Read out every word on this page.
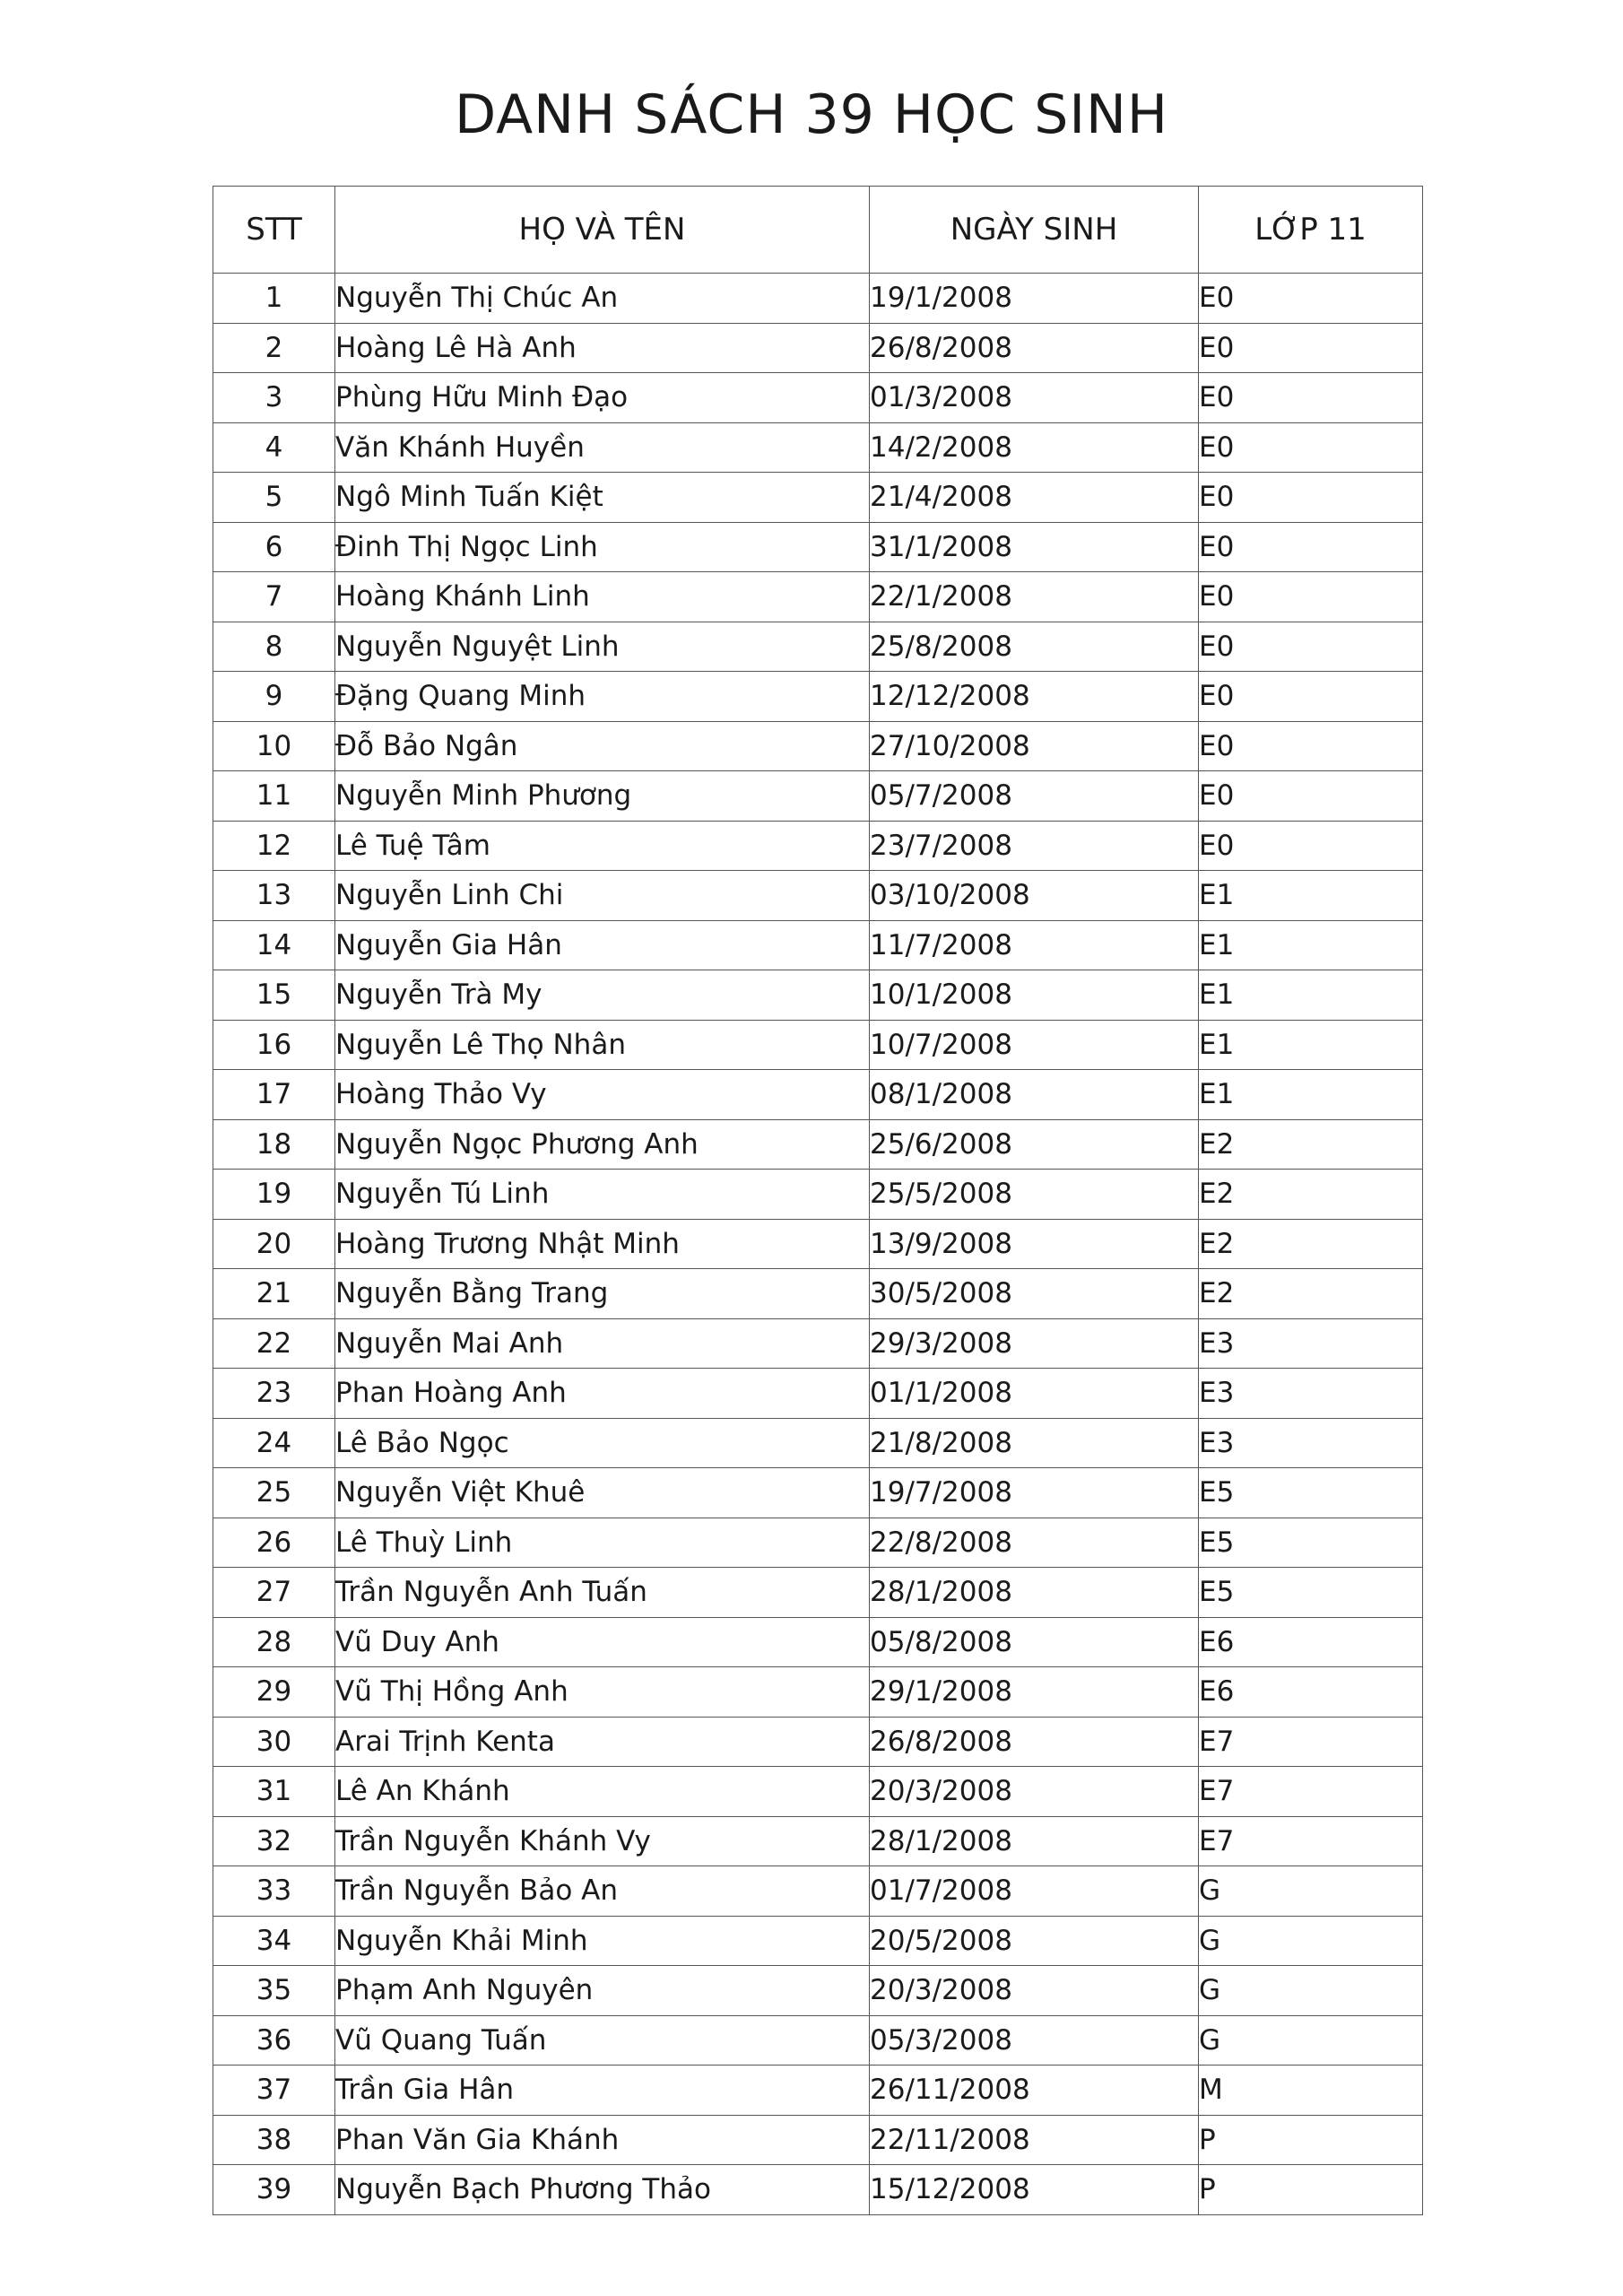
DANH SÁCH 39 HỌC SINH
STT	HỌ VÀ TÊN	NGÀY SINH	LỚP 11
1	Nguyễn Thị Chúc An	19/1/2008	E0
2	Hoàng Lê Hà Anh	26/8/2008	E0
3	Phùng Hữu Minh Đạo	01/3/2008	E0
4	Văn Khánh Huyền	14/2/2008	E0
5	Ngô Minh Tuấn Kiệt	21/4/2008	E0
6	Đinh Thị Ngọc Linh	31/1/2008	E0
7	Hoàng Khánh Linh	22/1/2008	E0
8	Nguyễn Nguyệt Linh	25/8/2008	E0
9	Đặng Quang Minh	12/12/2008	E0
10	Đỗ Bảo Ngân	27/10/2008	E0
11	Nguyễn Minh Phương	05/7/2008	E0
12	Lê Tuệ Tâm	23/7/2008	E0
13	Nguyễn Linh Chi	03/10/2008	E1
14	Nguyễn Gia Hân	11/7/2008	E1
15	Nguyễn Trà My	10/1/2008	E1
16	Nguyễn Lê Thọ Nhân	10/7/2008	E1
17	Hoàng Thảo Vy	08/1/2008	E1
18	Nguyễn Ngọc Phương Anh	25/6/2008	E2
19	Nguyễn Tú Linh	25/5/2008	E2
20	Hoàng Trương Nhật Minh	13/9/2008	E2
21	Nguyễn Bằng Trang	30/5/2008	E2
22	Nguyễn Mai Anh	29/3/2008	E3
23	Phan Hoàng Anh	01/1/2008	E3
24	Lê Bảo Ngọc	21/8/2008	E3
25	Nguyễn Việt Khuê	19/7/2008	E5
26	Lê Thuỳ Linh	22/8/2008	E5
27	Trần Nguyễn Anh Tuấn	28/1/2008	E5
28	Vũ Duy Anh	05/8/2008	E6
29	Vũ Thị Hồng Anh	29/1/2008	E6
30	Arai Trịnh Kenta	26/8/2008	E7
31	Lê An Khánh	20/3/2008	E7
32	Trần Nguyễn Khánh Vy	28/1/2008	E7
33	Trần Nguyễn Bảo An	01/7/2008	G
34	Nguyễn Khải Minh	20/5/2008	G
35	Phạm Anh Nguyên	20/3/2008	G
36	Vũ Quang Tuấn	05/3/2008	G
37	Trần Gia Hân	26/11/2008	M
38	Phan Văn Gia Khánh	22/11/2008	P
39	Nguyễn Bạch Phương Thảo	15/12/2008	P
